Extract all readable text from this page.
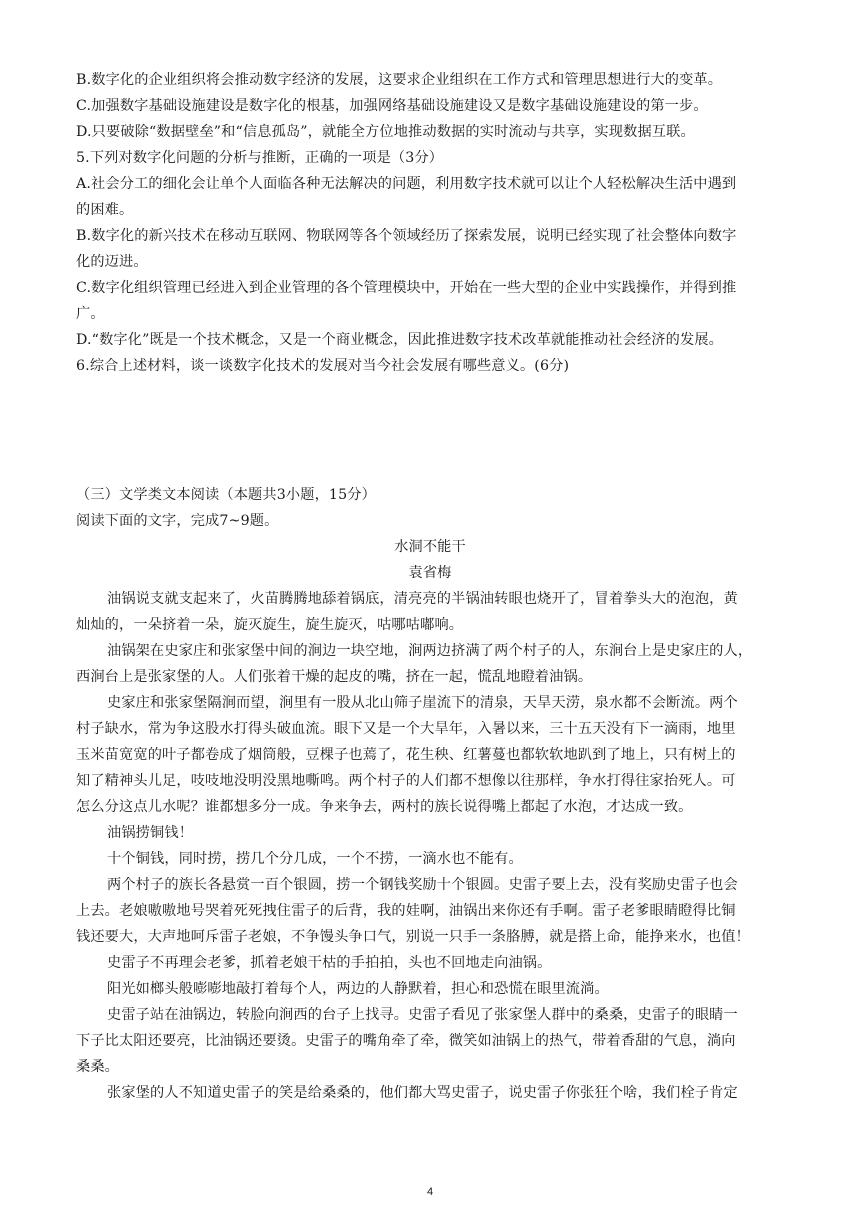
B.数字化的企业组织将会推动数字经济的发展，这要求企业组织在工作方式和管理思想进行大的变革。
C.加强数字基础设施建设是数字化的根基，加强网络基础设施建设又是数字基础设施建设的第一步。
D.只要破除“数据壁垒”和“信息孤岛”，就能全方位地推动数据的实时流动与共享，实现数据互联。
5.下列对数字化问题的分析与推断，正确的一项是（3分）
A.社会分工的细化会让单个人面临各种无法解决的问题，利用数字技术就可以让个人轻松解决生活中遇到
的困难。
B.数字化的新兴技术在移动互联网、物联网等各个领域经历了探索发展，说明已经实现了社会整体向数字
化的迈进。
C.数字化组织管理已经进入到企业管理的各个管理模块中，开始在一些大型的企业中实践操作，并得到推
广。
D.“数字化”既是一个技术概念，又是一个商业概念，因此推进数字技术改革就能推动社会经济的发展。
6.综合上述材料，谈一谈数字化技术的发展对当今社会发展有哪些意义。(6分)
（三）文学类文本阅读（本题共3小题，15分）
阅读下面的文字，完成7~9题。
水洞不能干
袁省梅
油锅说支就支起来了，火苗腾腾地舔着锅底，清亮亮的半锅油转眼也烧开了，冒着拳头大的泡泡，黄
灿灿的，一朵挤着一朵，旋灭旋生，旋生旋灭，咕哪咕嘟响。
油锅架在史家庄和张家堡中间的涧边一块空地，涧两边挤满了两个村子的人，东涧台上是史家庄的人，
西涧台上是张家堡的人。人们张着干燥的起皮的嘴，挤在一起，慌乱地瞪着油锅。
史家庄和张家堡隔涧而望，涧里有一股从北山筛子崖流下的清泉，天旱天涝，泉水都不会断流。两个
村子缺水，常为争这股水打得头破血流。眼下又是一个大旱年，入暑以来，三十五天没有下一滴雨，地里
玉米苗宽宽的叶子都卷成了烟筒般，豆棵子也蔫了，花生秧、红薯蔓也都软软地趴到了地上，只有树上的
知了精神头儿足，吱吱地没明没黑地嘶鸣。两个村子的人们都不想像以往那样，争水打得往家抬死人。可
怎么分这点儿水呢？谁都想多分一成。争来争去，两村的族长说得嘴上都起了水泡，才达成一致。
油锅捞铜钱！
十个铜钱，同时捞，捞几个分几成，一个不捞，一滴水也不能有。
两个村子的族长各悬赏一百个银圆，捞一个钢钱奖励十个银圆。史雷子要上去，没有奖励史雷子也会
上去。老娘嗷嗷地号哭着死死拽住雷子的后背，我的娃啊，油锅出来你还有手啊。雷子老爹眼睛瞪得比铜
钱还要大，大声地呵斥雷子老娘，不争馒头争口气，别说一只手一条胳膊，就是搭上命，能挣来水，也值！
史雷子不再理会老爹，抓着老娘干枯的手拍拍，头也不回地走向油锅。
阳光如榔头般嘭嘭地敲打着每个人，两边的人静默着，担心和恐慌在眼里流淌。
史雷子站在油锅边，转脸向涧西的台子上找寻。史雷子看见了张家堡人群中的桑桑，史雷子的眼睛一
下子比太阳还要亮，比油锅还要烫。史雷子的嘴角牵了牵，微笑如油锅上的热气，带着香甜的气息，淌向
桑桑。
张家堡的人不知道史雷子的笑是给桑桑的，他们都大骂史雷子，说史雷子你张狂个啥，我们栓子肯定
4
